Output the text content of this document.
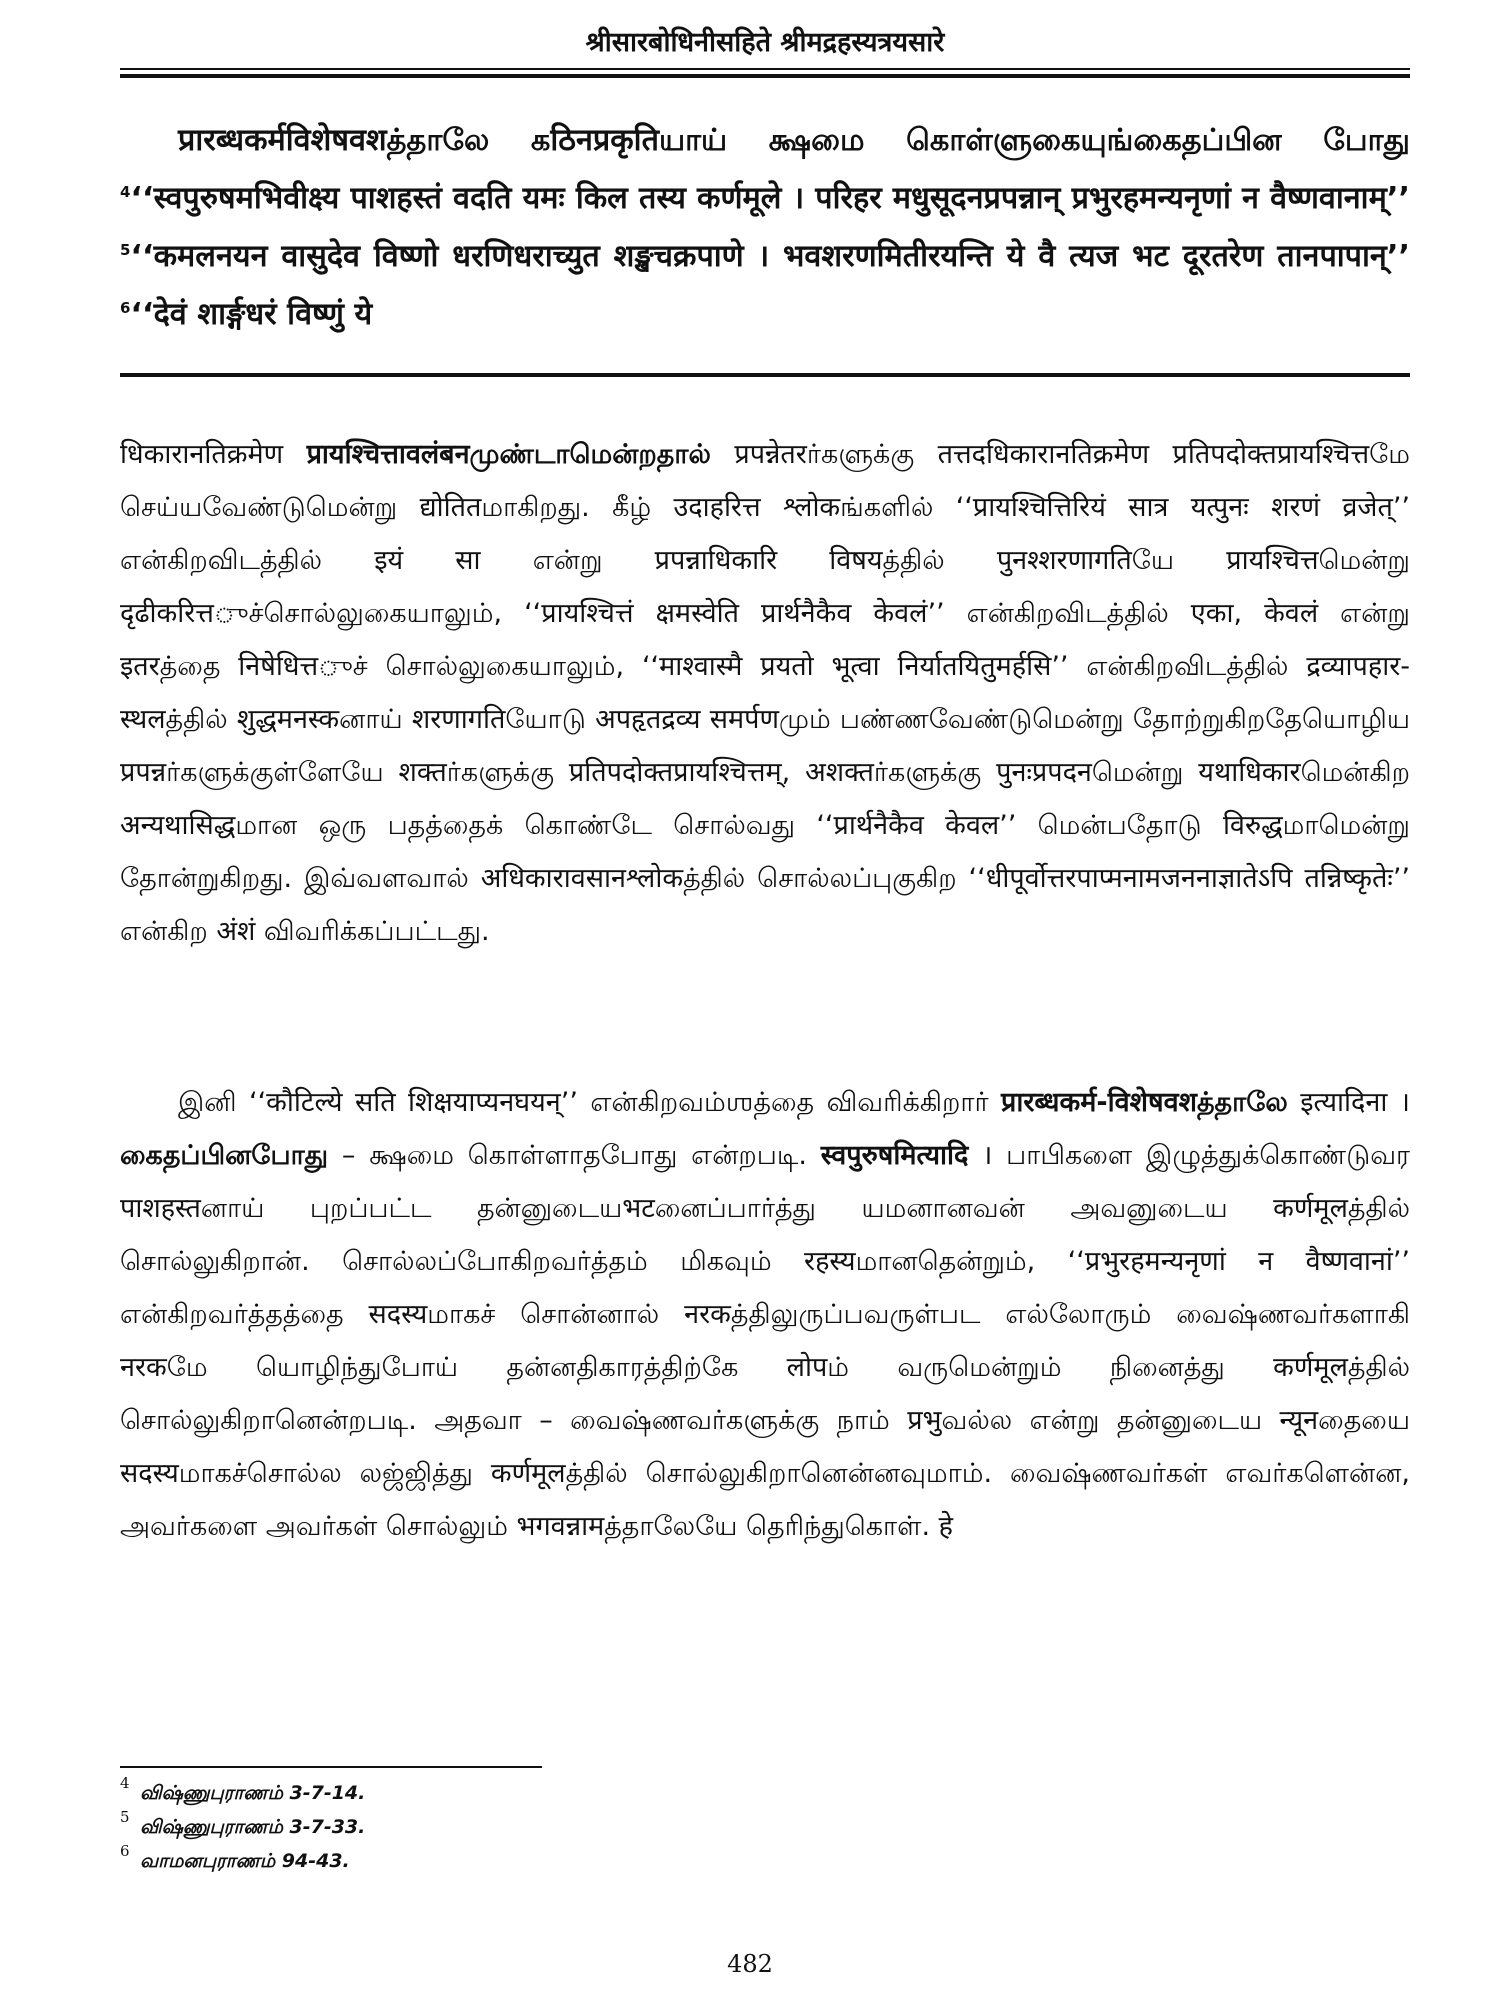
श्रीसारबोधिनीसहिते श्रीमद्रहस्यत्रयसारे
प्रारब्धकर्मविशेषवशத்தாலே கठिनप्रकृतिயாய் க்ஷமை கொள்ளுகையுங்கைதப்பின போது $^4$‘‘स्वपुरुषमभिवीक्ष्य पाशहस्तं वदति यमः किल तस्य कर्णमूले । परिहर मधुसूदनप्रपन्नान् प्रभुरहमन्यनृणां न वैष्णवानाम्’’ $^5$‘‘कमलनयन वासुदेव विष्णो धरणिधराच्युत शङ्खचक्रपाणे । भवशरणमितीरयन्ति ये वै त्यज भट दूरतरेण तानपापान्’’ $^6$‘‘देवं शार्ङ्गधरं विष्णुं ये

धिकारानतिक्रमेण प्रायश्चित्तावलंबनமுண்டாமென்றதால் प्रपन्नेतरர்களுக்கு तत्तदधिकारानतिक्रमेण प्रतिपदोक्तप्रायश्चित्तமே செய்யவேண்டுமென்று द्योतितமாகிறது. கீழ் उदाहरित्त श्लोकங்களில் ‘‘प्रायश्चित्तिरियं सात्र यत्पुनः शरणं व्रजेत्’’ என்கிறவிடத்தில் इयं सा என்று प्रपन्नाधिकारि विषयத்தில் पुनश्शरणागतिயே प्रायश्चित्तமென்று दृढीकरित्तுச்சொல்லுகையாலும், ‘‘प्रायश्चित्तं क्षमस्वेति प्रार्थनैकैव केवलं’’ என்கிறவிடத்தில் एका, केवलं என்று इतरத்தை निषेधित्तுச் சொல்லுகையாலும், ‘‘माश्वास्मै प्रयतो भूत्वा निर्यातयितुमर्हसि’’ என்கிறவிடத்தில் द्रव्यापहार-स्थलத்தில் शुद्धमनस्कனாய் शरणागतिயோடு अपहृतद्रव्य समर्पणமும் பண்ணவேண்டுமென்று தோற்றுகிறதேயொழிய प्रपन्नர்களுக்குள்ளேயே शक्तர்களுக்கு प्रतिपदोक्तप्रायश्चित्तम्, अशक्तர்களுக்கு पुनःप्रपदनமென்று यथाधिकारமென்கிற अन्यथासिद्धமான ஒரு பதத்தைக் கொண்டே சொல்வது ‘‘प्रार्थनैकैव केवल’’ மென்பதோடு विरुद्धமாமென்று தோன்றுகிறது. இவ்வளவால் अधिकारावसानश्लोकத்தில் சொல்லப்புகுகிற ‘‘धीपूर्वोत्तरपाप्मनामजननाज्ञातेऽपि तन्निष्कृतेः’’ என்கிற अंशं விவரிக்கப்பட்டது.

இனி ‘‘कौटिल्ये सति शिक्षयाप्यनघयन्’’ என்கிறவம்ஶத்தை விவரிக்கிறார் प्रारब्धकर्म-विशेषवशத்தாலே इत्यादिना । கைதப்பினபோது – க்ஷமை கொள்ளாதபோது என்றபடி. स्वपुरुषमित्यादि । பாபிகளை இழுத்துக்கொண்டுவர पाशहस्तனாய் புறப்பட்ட தன்னுடையभटனைப்பார்த்து யமனானவன் அவனுடைய कर्णमूलத்தில் சொல்லுகிறான். சொல்லப்போகிறவர்த்தம் மிகவும் रहस्यமானதென்றும், ‘‘प्रभुरहमन्यनृणां न वैष्णवानां’’ என்கிறவர்த்தத்தை सदस्यமாகச் சொன்னால் नरकத்திலுருப்பவருள்பட எல்லோரும் வைஷ்ணவர்களாகி नरकமே யொழிந்துபோய் தன்னதிகாரத்திற்கே लोपம் வருமென்றும் நினைத்து कर्णमूलத்தில் சொல்லுகிறானென்றபடி. அதவா – வைஷ்ணவர்களுக்கு நாம் प्रभुவல்ல என்று தன்னுடைய न्यूनதையை सदस्यமாகச்சொல்ல லஜ்ஜித்து कर्णमूलத்தில் சொல்லுகிறானென்னவுமாம். வைஷ்ணவர்கள் எவர்களென்ன, அவர்களை அவர்கள் சொல்லும் भगवन्नामத்தாலேயே தெரிந்துகொள். हे

4 விஷ்ணுபுராணம் 3-7-14.
5 விஷ்ணுபுராணம் 3-7-33.
6 வாமனபுராணம் 94-43.
482
